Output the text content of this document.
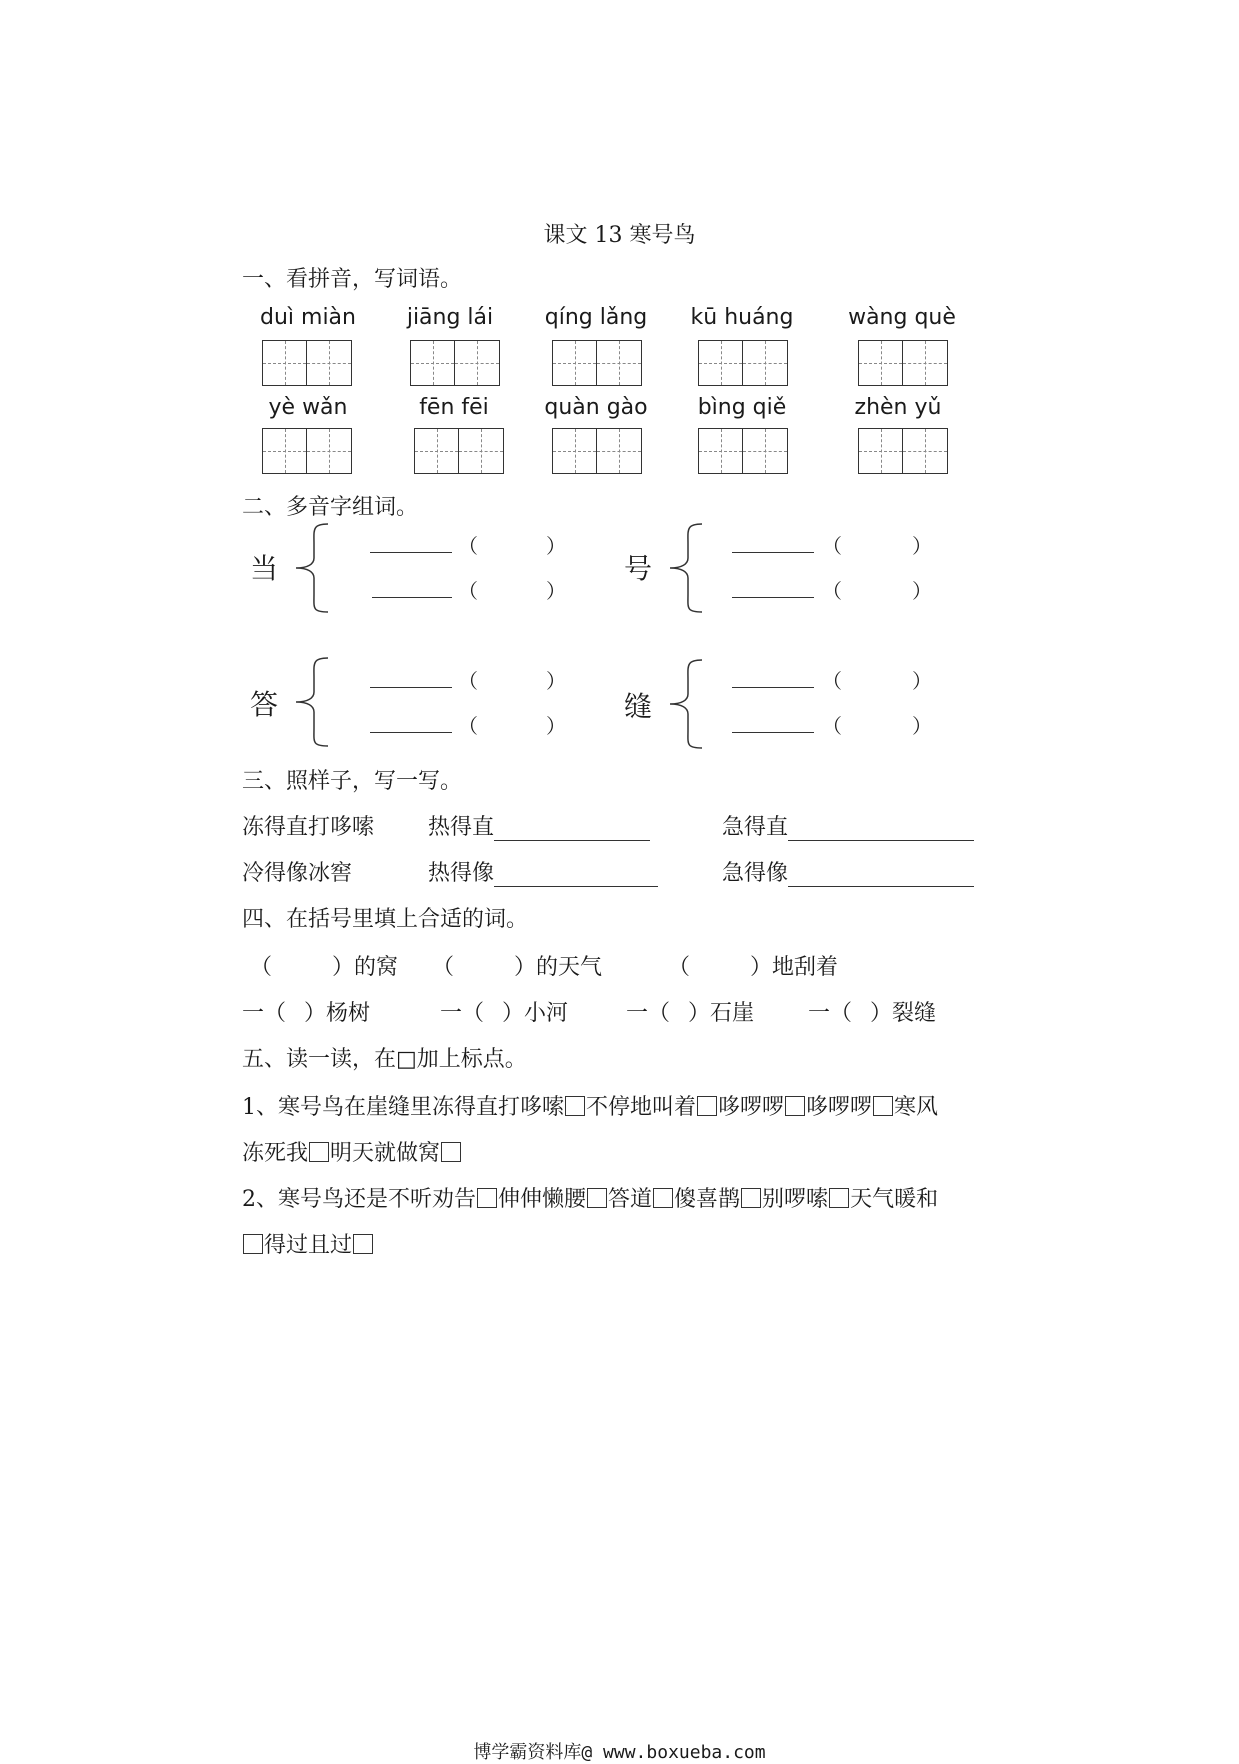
课文 13 寒号鸟
一、看拼音，写词语。
duì miàn	jiāng lái	qíng lǎng	kū huáng	wàng què
yè wǎn	fēn fēi	quàn gào	bìng qiě	zhèn yǔ
二、多音字组词。
当
（	）
（	）
号
（	）
（	）
答
（	）
（	）
缝
（	）
（	）
三、照样子，写一写。
冻得直打哆嗦 热得直	急得直
冷得像冰窖	热得像	急得像
四、在括号里填上合适的词。
（	）的窝 （	）的天气	（	）地刮着
一（ ）杨树	一（ ）小河	一（ ）石崖 一（ ）裂缝
五、读一读，在□加上标点。
1、寒号鸟在崖缝里冻得直打哆嗦 不停地叫着 哆啰啰 哆啰啰 寒风
冻死我 明天就做窝
2、寒号鸟还是不听劝告 伸伸懒腰 答道 傻喜鹊 别啰嗦 天气暖和
得过且过
博学霸资料库@ www.boxueba.com
